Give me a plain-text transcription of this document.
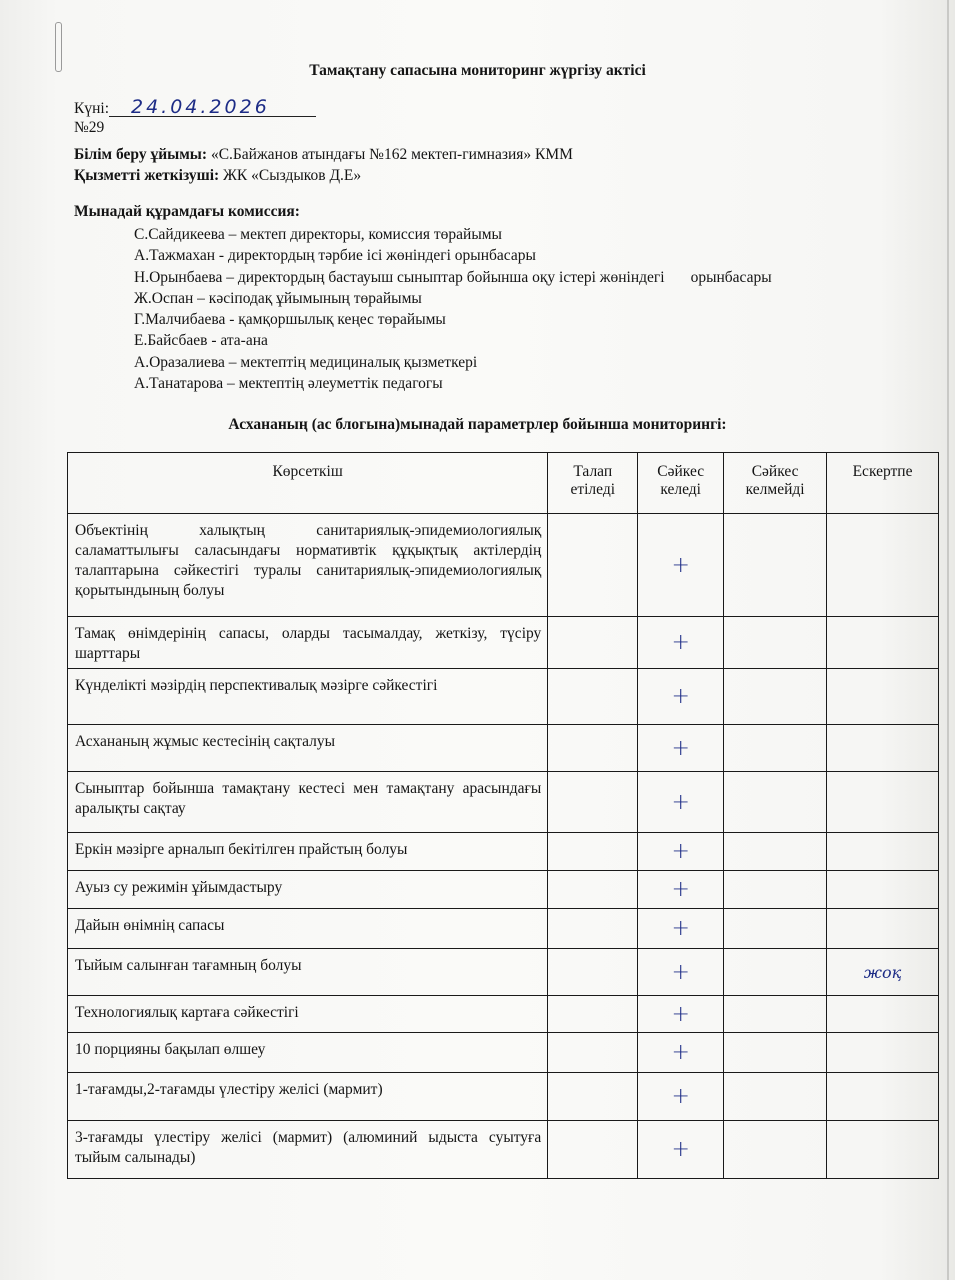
Тамақтану сапасына мониторинг жүргізу актісі
Күні: 24.04.2026
№29
Білім беру ұйымы: «С.Байжанов атындағы №162 мектеп-гимназия» КММ
Қызметті жеткізуші: ЖК «Сыздыков Д.Е»
Мынадай құрамдағы комиссия:
С.Сайдикеева – мектеп директоры, комиссия төрайымы
А.Тажмахан - директордың тәрбие ісі жөніндегі орынбасары
Н.Орынбаева – директордың бастауыш сыныптар бойынша оқу істері жөніндегі орынбасары
Ж.Оспан – кәсіподақ ұйымының төрайымы
Г.Малчибаева - қамқоршылық кеңес төрайымы
Е.Байсбаев - ата-ана
А.Оразалиева – мектептің медициналық қызметкері
А.Танатарова – мектептің әлеуметтік педагогы
Асхананың (ас блогына)мынадай параметрлер бойынша мониторингі:
Көрсеткіш	Талап етіледі	Сәйкес келеді	Сәйкес келмейді	Ескертпе
Объектінің халықтың санитариялық-эпидемиологиялық саламаттылығы саласындағы нормативтік құқықтық актілердің талаптарына сәйкестігі туралы санитариялық-эпидемиологиялық қорытындының болуы		+		
Тамақ өнімдерінің сапасы, оларды тасымалдау, жеткізу, түсіру шарттары		+		
Күнделікті мәзірдің перспективалық мәзірге сәйкестігі		+		
Асхананың жұмыс кестесінің сақталуы		+		
Сыныптар бойынша тамақтану кестесі мен тамақтану арасындағы аралықты сақтау		+		
Еркін мәзірге арналып бекітілген прайстың болуы		+		
Ауыз су режимін ұйымдастыру		+		
Дайын өнімнің сапасы		+		
Тыйым салынған тағамның болуы		+		жоқ
Технологиялық картаға сәйкестігі		+		
10 порцияны бақылап өлшеу		+		
1-тағамды,2-тағамды үлестіру желісі (мармит)		+		
3-тағамды үлестіру желісі (мармит) (алюминий ыдыста суытуға тыйым салынады)		+		
